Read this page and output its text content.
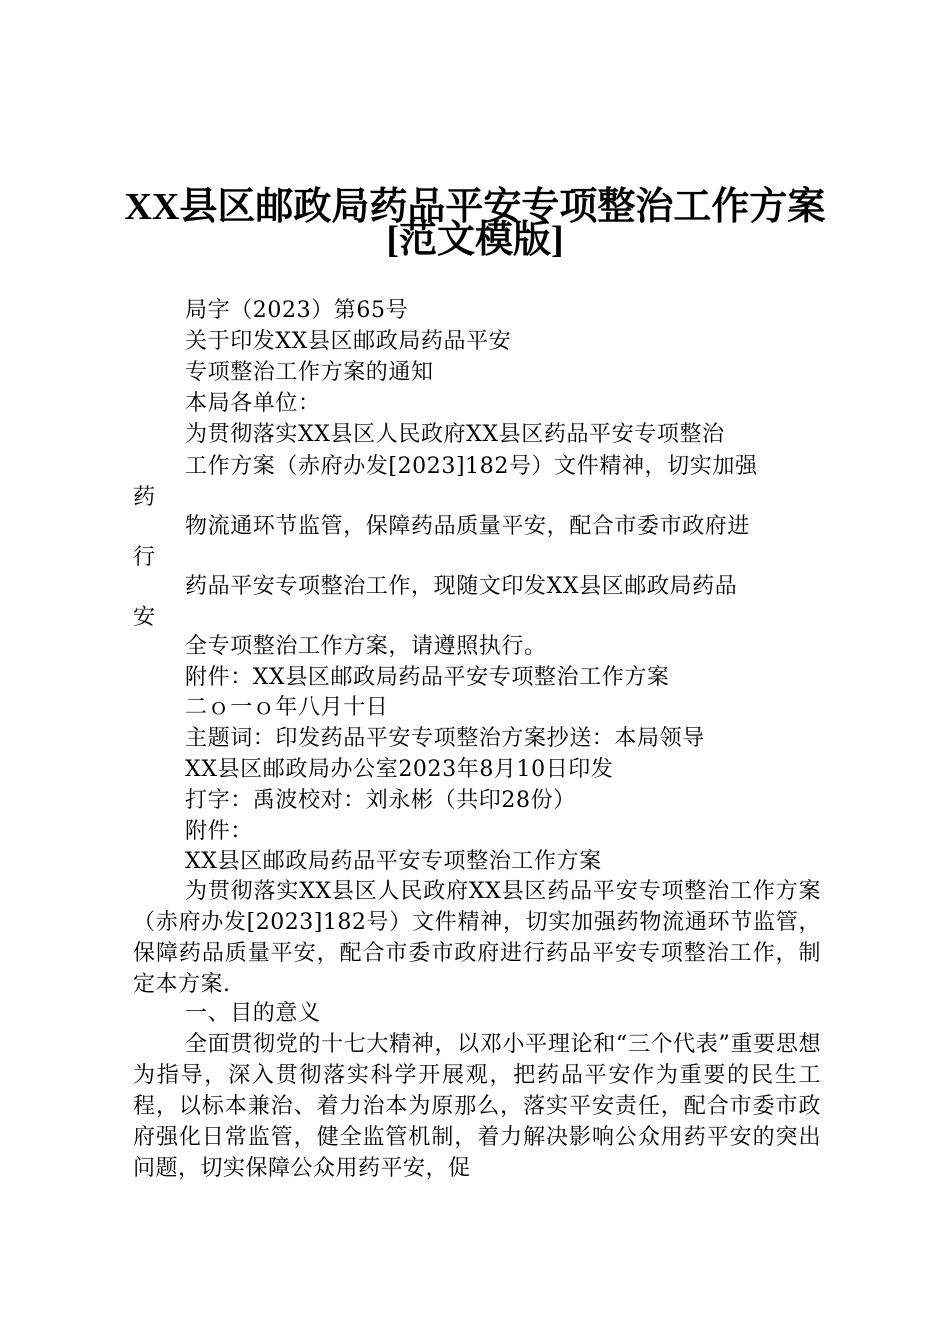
XX县区邮政局药品平安专项整治工作方案
[范文模版]

局字（2023）第65号

关于印发XX县区邮政局药品平安

专项整治工作方案的通知

本局各单位：

为贯彻落实XX县区人民政府XX县区药品平安专项整治

工作方案（赤府办发[2023]182号）文件精神，切实加强

药

物流通环节监管，保障药品质量平安，配合市委市政府进

行

药品平安专项整治工作，现随文印发XX县区邮政局药品

安

全专项整治工作方案，请遵照执行。

附件：XX县区邮政局药品平安专项整治工作方案

二ｏ一ｏ年八月十日

主题词：印发药品平安专项整治方案抄送：本局领导

XX县区邮政局办公室2023年8月10日印发

打字：禹波校对：刘永彬（共印28份）

附件：

XX县区邮政局药品平安专项整治工作方案

为贯彻落实XX县区人民政府XX县区药品平安专项整治工作方案（赤府办发[2023]182号）文件精神，切实加强药物流通环节监管，保障药品质量平安，配合市委市政府进行药品平安专项整治工作，制定本方案.

一、目的意义

全面贯彻党的十七大精神，以邓小平理论和“三个代表”重要思想为指导，深入贯彻落实科学开展观，把药品平安作为重要的民生工程，以标本兼治、着力治本为原那么，落实平安责任，配合市委市政府强化日常监管，健全监管机制，着力解决影响公众用药平安的突出问题，切实保障公众用药平安，促
